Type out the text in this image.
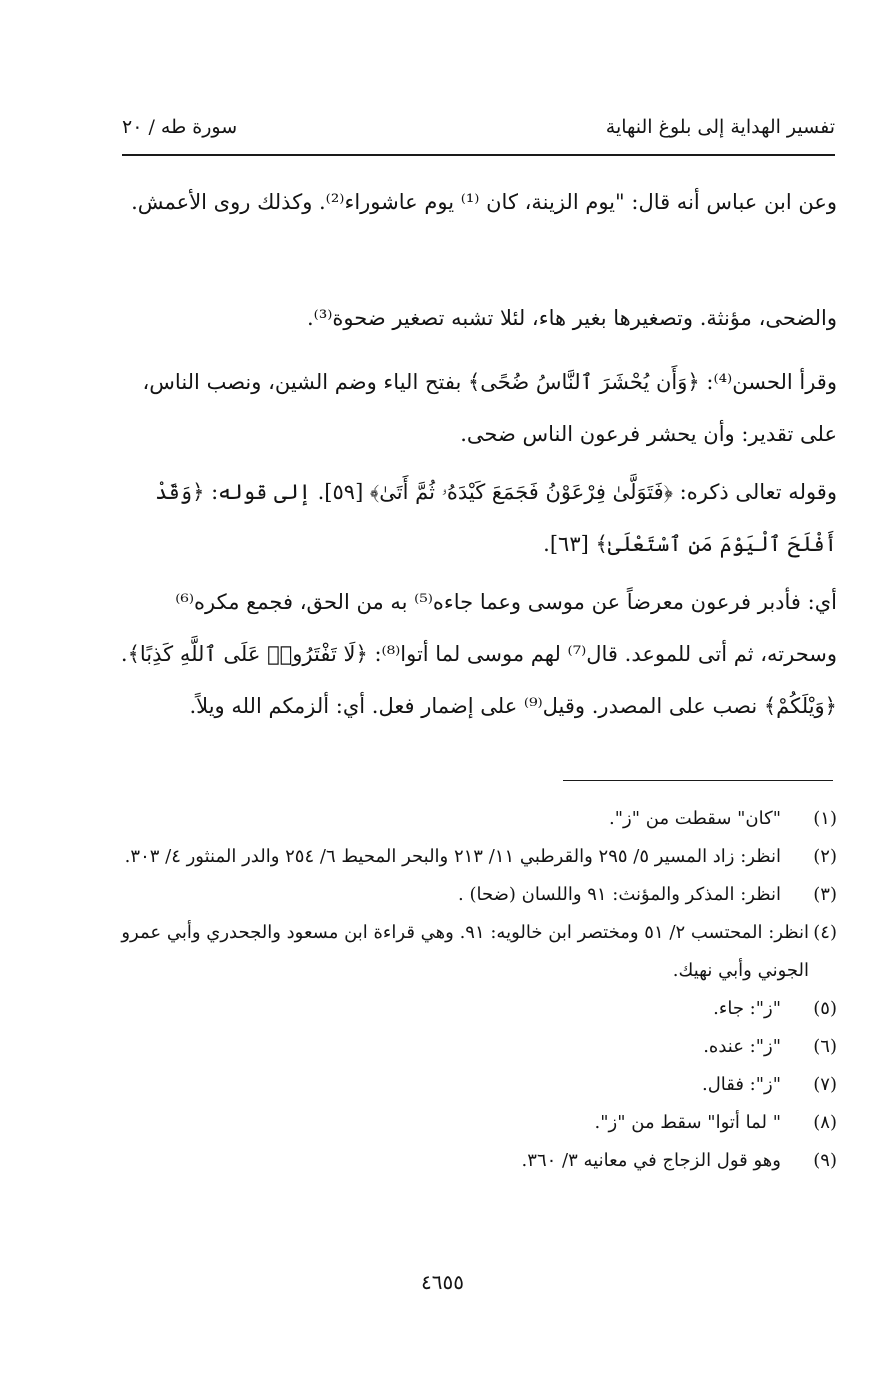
تفسير الهداية إلى بلوغ النهاية
سورة طه / ٢٠

وعن ابن عباس أنه قال: "يوم الزينة، كان ⁽¹⁾ يوم عاشوراء⁽²⁾. وكذلك روى الأعمش.

والضحى، مؤنثة. وتصغيرها بغير هاء، لئلا تشبه تصغير ضحوة⁽³⁾.

وقرأ الحسن⁽⁴⁾: ﴿وَأَن يُحْشَرَ ٱلنَّاسُ ضُحًى﴾ بفتح الياء وضم الشين، ونصب الناس، على تقدير: وأن يحشر فرعون الناس ضحى.

وقوله تعالى ذكره: ﴿فَتَوَلَّىٰ فِرْعَوْنُ فَجَمَعَ كَيْدَهُۥ ثُمَّ أَتَىٰ﴾ [٥٩]. إلى قوله: ﴿وَقَدْ أَفْلَحَ ٱلْيَوْمَ مَنِ ٱسْتَعْلَىٰ﴾ [٦٣].

أي: فأدبر فرعون معرضاً عن موسى وعما جاءه⁽⁵⁾ به من الحق، فجمع مكره⁽⁶⁾ وسحرته، ثم أتى للموعد. قال⁽⁷⁾ لهم موسى لما أتوا⁽⁸⁾: ﴿لَا تَفْتَرُوا۟ عَلَى ٱللَّهِ كَذِبًا﴾. ﴿وَيْلَكُمْ﴾ نصب على المصدر. وقيل⁽⁹⁾ على إضمار فعل. أي: ألزمكم الله ويلاً.

(١)
"كان" سقطت من "ز".
(٢)
انظر: زاد المسير ٥/ ٢٩٥ والقرطبي ١١/ ٢١٣ والبحر المحيط ٦/ ٢٥٤ والدر المنثور ٤/ ٣٠٣.
(٣)
انظر: المذكر والمؤنث: ٩١ واللسان (ضحا) .
(٤)
انظر: المحتسب ٢/ ٥١ ومختصر ابن خالويه: ٩١. وهي قراءة ابن مسعود والجحدري وأبي عمرو الجوني وأبي نهيك.
(٥)
"ز": جاء.
(٦)
"ز": عنده.
(٧)
"ز": فقال.
(٨)
" لما أتوا" سقط من "ز".
(٩)
وهو قول الزجاج في معانيه ٣/ ٣٦٠.
٤٦٥٥
